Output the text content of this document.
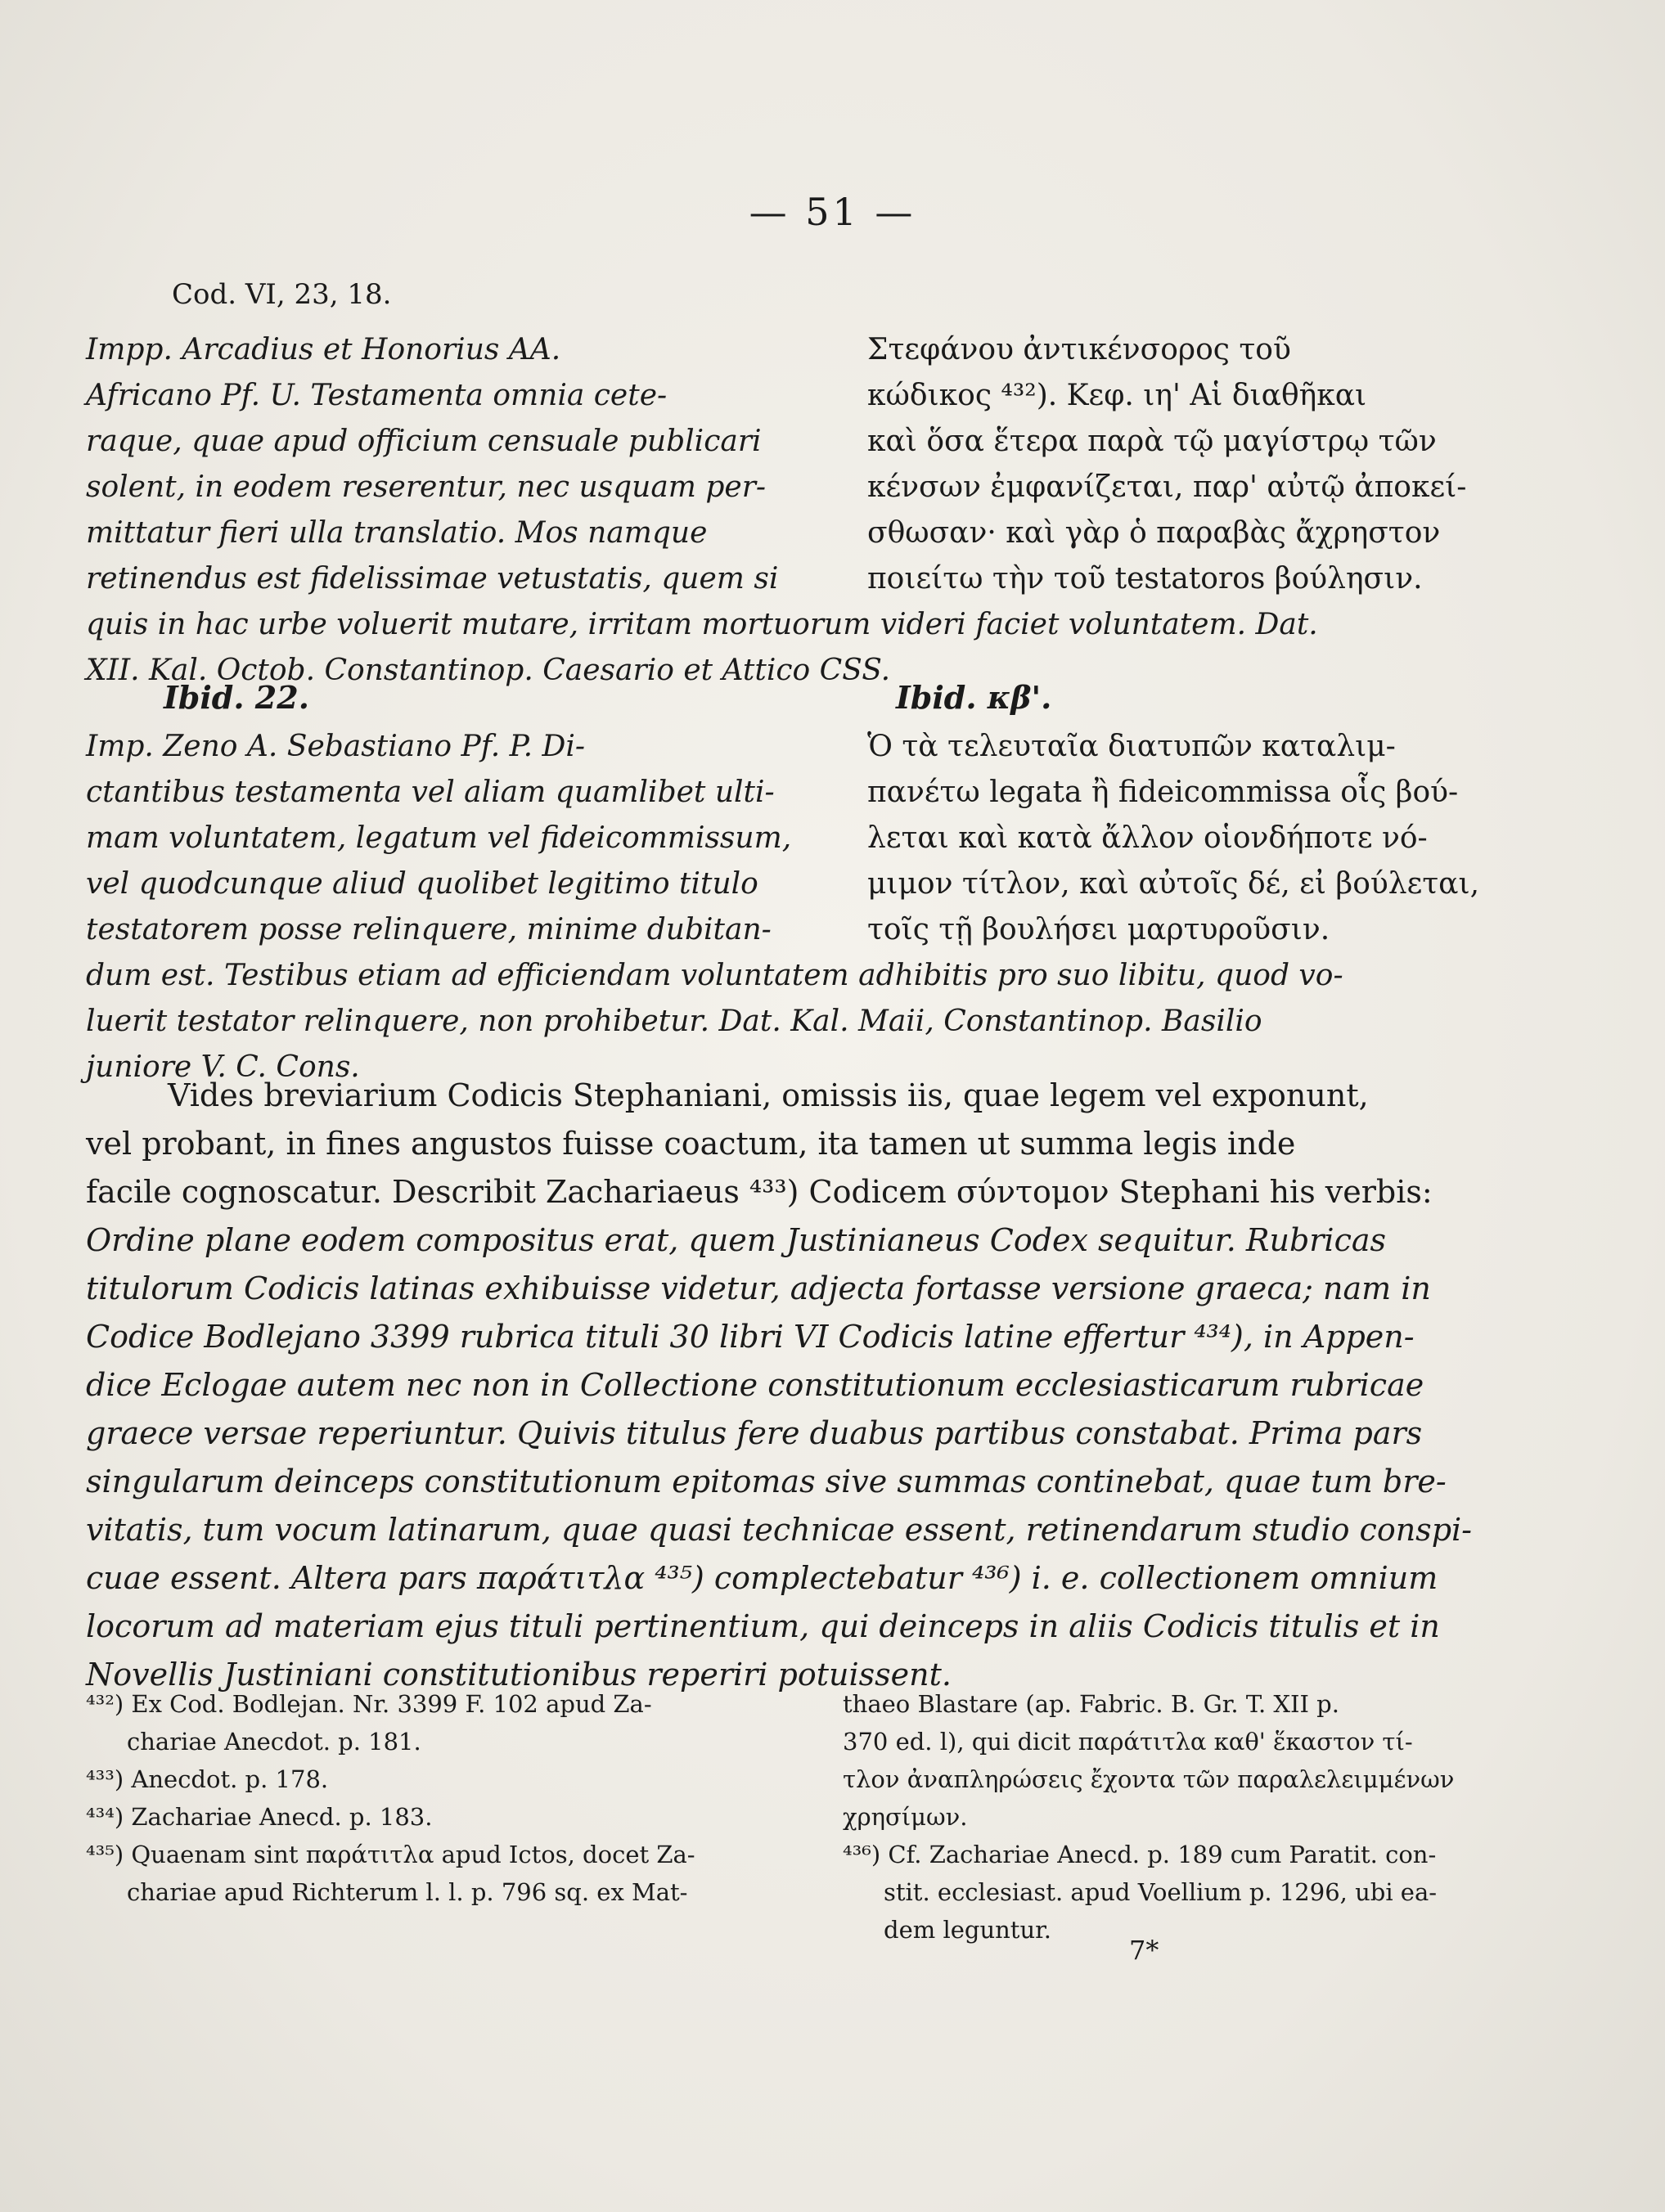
— 51 —
Cod. VI, 23, 18.
Impp. Arcadius et Honorius AA.
Africano Pf. U. Testamenta omnia cete-
raque, quae apud officium censuale publicari
solent, in eodem reserentur, nec usquam per-
mittatur fieri ulla translatio. Mos namque
retinendus est fidelissimae vetustatis, quem si
Στεφάνου ἀντικένσορος τοῦ
κώδικος ⁴³²). Κεφ. ιη' Αἱ διαθῆκαι
καὶ ὅσα ἕτερα παρὰ τῷ μαγίστρῳ τῶν
κένσων ἐμφανίζεται, παρ' αὐτῷ ἀποκεί-
σθωσαν· καὶ γὰρ ὁ παραβὰς ἄχρηστον
ποιείτω τὴν τοῦ testatoros βούλησιν.
quis in hac urbe voluerit mutare, irritam mortuorum videri faciet voluntatem. Dat.
XII. Kal. Octob. Constantinop. Caesario et Attico CSS.
Ibid. 22.	Ibid. κβ'.
Imp. Zeno A. Sebastiano Pf. P. Di-
ctantibus testamenta vel aliam quamlibet ulti-
mam voluntatem, legatum vel fideicommissum,
vel quodcunque aliud quolibet legitimo titulo
testatorem posse relinquere, minime dubitan-
Ὁ τὰ τελευταῖα διατυπῶν καταλιμ-
πανέτω legata ἢ fideicommissa οἷς βού-
λεται καὶ κατὰ ἄλλον οἱονδήποτε νό-
μιμον τίτλον, καὶ αὐτοῖς δέ, εἰ βούλεται,
τοῖς τῇ βουλήσει μαρτυροῦσιν.
dum est. Testibus etiam ad efficiendam voluntatem adhibitis pro suo libitu, quod vo-
luerit testator relinquere, non prohibetur. Dat. Kal. Maii, Constantinop. Basilio
juniore V. C. Cons.
Vides breviarium Codicis Stephaniani, omissis iis, quae legem vel exponunt,
vel probant, in fines angustos fuisse coactum, ita tamen ut summa legis inde
facile cognoscatur. Describit Zachariaeus ⁴³³) Codicem σύντομον Stephani his verbis:
Ordine plane eodem compositus erat, quem Justinianeus Codex sequitur. Rubricas
titulorum Codicis latinas exhibuisse videtur, adjecta fortasse versione graeca; nam in
Codice Bodlejano 3399 rubrica tituli 30 libri VI Codicis latine effertur ⁴³⁴), in Appen-
dice Eclogae autem nec non in Collectione constitutionum ecclesiasticarum rubricae
graece versae reperiuntur. Quivis titulus fere duabus partibus constabat. Prima pars
singularum deinceps constitutionum epitomas sive summas continebat, quae tum bre-
vitatis, tum vocum latinarum, quae quasi technicae essent, retinendarum studio conspi-
cuae essent. Altera pars παράτιτλα ⁴³⁵) complectebatur ⁴³⁶) i. e. collectionem omnium
locorum ad materiam ejus tituli pertinentium, qui deinceps in aliis Codicis titulis et in
Novellis Justiniani constitutionibus reperiri potuissent.
⁴³²) Ex Cod. Bodlejan. Nr. 3399 F. 102 apud Za-
chariae Anecdot. p. 181.
⁴³³) Anecdot. p. 178.
⁴³⁴) Zachariae Anecd. p. 183.
⁴³⁵) Quaenam sint παράτιτλα apud Ictos, docet Za-
chariae apud Richterum l. l. p. 796 sq. ex Mat-
thaeo Blastare (ap. Fabric. B. Gr. T. XII p.
370 ed. l), qui dicit παράτιτλα καθ' ἕκαστον τί-
τλον ἀναπληρώσεις ἔχοντα τῶν παραλελειμμένων
χρησίμων.
⁴³⁶) Cf. Zachariae Anecd. p. 189 cum Paratit. con-
stit. ecclesiast. apud Voellium p. 1296, ubi ea-
dem leguntur.
7*
